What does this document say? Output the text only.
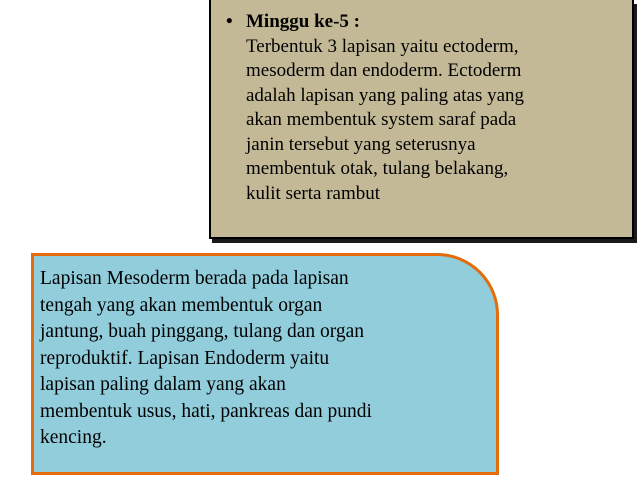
• Minggu ke-5 :
Terbentuk 3 lapisan yaitu ectoderm,
mesoderm dan endoderm. Ectoderm
adalah lapisan yang paling atas yang
akan membentuk system saraf pada
janin tersebut yang seterusnya
membentuk otak, tulang belakang,
kulit serta rambut
Lapisan Mesoderm berada pada lapisan
tengah yang akan membentuk organ
jantung, buah pinggang, tulang dan organ
reproduktif. Lapisan Endoderm yaitu
lapisan paling dalam yang akan
membentuk usus, hati, pankreas dan pundi
kencing.
